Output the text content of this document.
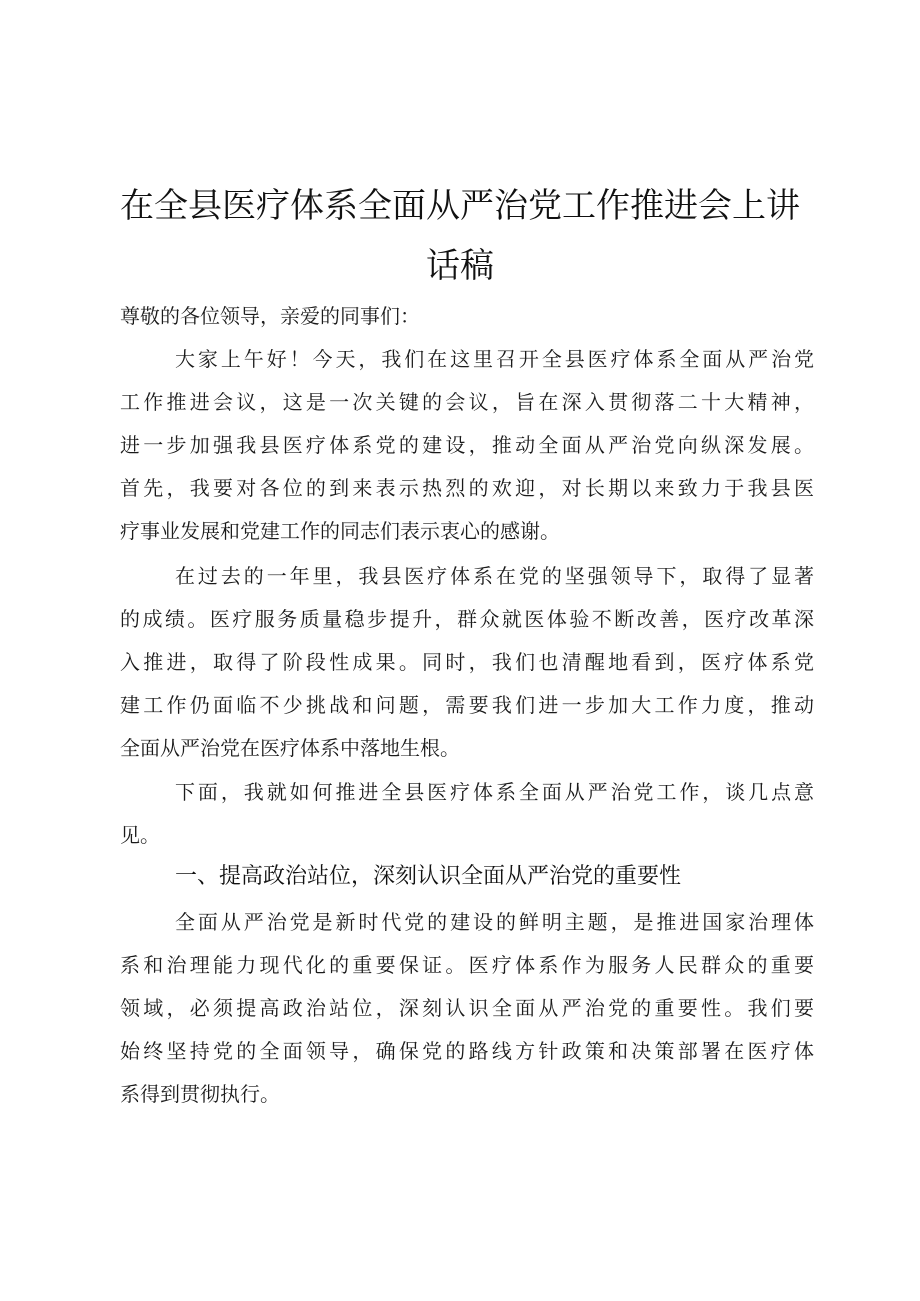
在全县医疗体系全面从严治党工作推进会上讲
话稿
尊敬的各位领导，亲爱的同事们：
大家上午好！今天，我们在这里召开全县医疗体系全面从严治党
工作推进会议，这是一次关键的会议，旨在深入贯彻落二十大精神，
进一步加强我县医疗体系党的建设，推动全面从严治党向纵深发展。
首先，我要对各位的到来表示热烈的欢迎，对长期以来致力于我县医
疗事业发展和党建工作的同志们表示衷心的感谢。
在过去的一年里，我县医疗体系在党的坚强领导下，取得了显著
的成绩。医疗服务质量稳步提升，群众就医体验不断改善，医疗改革深
入推进，取得了阶段性成果。同时，我们也清醒地看到，医疗体系党
建工作仍面临不少挑战和问题，需要我们进一步加大工作力度，推动
全面从严治党在医疗体系中落地生根。
下面，我就如何推进全县医疗体系全面从严治党工作，谈几点意
见。
一、提高政治站位，深刻认识全面从严治党的重要性
全面从严治党是新时代党的建设的鲜明主题，是推进国家治理体
系和治理能力现代化的重要保证。医疗体系作为服务人民群众的重要
领域，必须提高政治站位，深刻认识全面从严治党的重要性。我们要
始终坚持党的全面领导，确保党的路线方针政策和决策部署在医疗体
系得到贯彻执行。
